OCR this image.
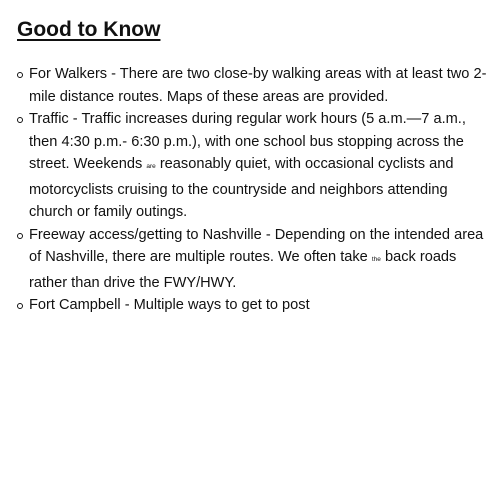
Good to Know
For Walkers - There are two close-by walking areas with at least two 2-mile distance routes. Maps of these areas are provided.
Traffic - Traffic increases during regular work hours (5 a.m.—7 a.m., then 4:30 p.m.- 6:30 p.m.), with one school bus stopping across the street. Weekends are reasonably quiet, with occasional cyclists and motorcyclists cruising to the countryside and neighbors attending church or family outings.
Freeway access/getting to Nashville - Depending on the intended area of Nashville, there are multiple routes. We often take the back roads rather than drive the FWY/HWY.
Fort Campbell - Multiple ways to get to post
